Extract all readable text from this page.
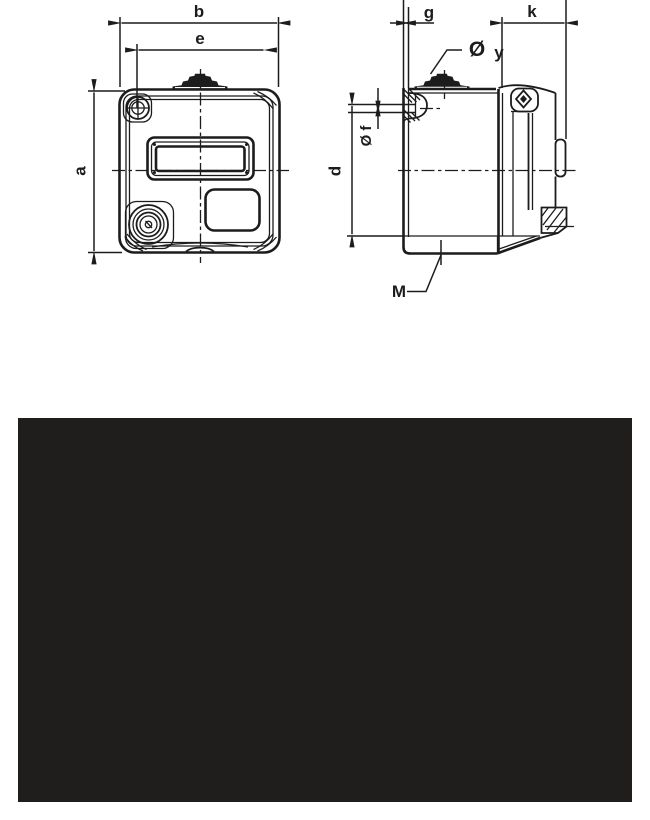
b
e
a
g	k
Ø y
Ø f
d
M
